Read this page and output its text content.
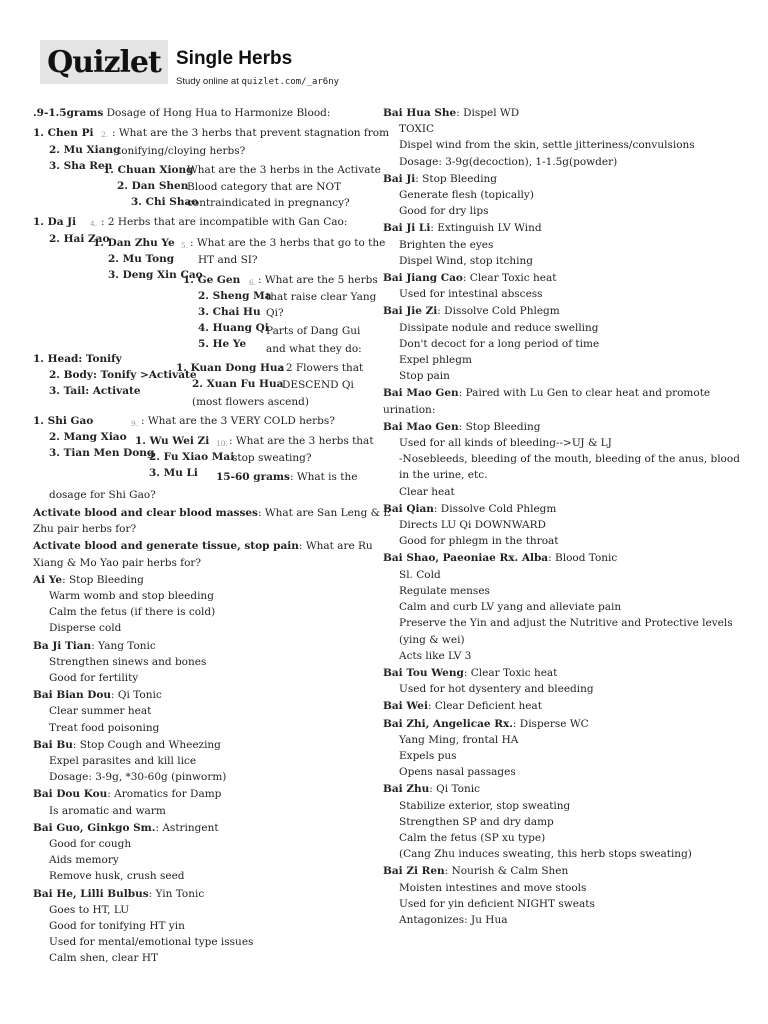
Quizlet Single Herbs
Study online at quizlet.com/_ar6ny
.9-1.5grams Dosage of Hong Hua to Harmonize Blood:
1. Chen Pi 2. : What are the 3 herbs that prevent stagnation from
2. Mu Xiang
tonifying/cloying herbs?
3. Sha Ren
1. Chuan Xiong
What are the 3 herbs in the Activate
2. Dan Shen
Blood category that are NOT
3. Chi Shao
contraindicated in pregnancy?
1. Da Ji 4. : 2 Herbs that are incompatible with Gan Cao:
2. Hai Zao
1. Dan Zhu Ye 5. : What are the 3 herbs that go to the
2. Mu Tong HT and SI?
3. Deng Xin Cao
1. Ge Gen 6. : What are the 5 herbs
2. Sheng Ma
that raise clear Yang
3. Chai Hu Qi?
4. Huang Qi
5. He Ye
Parts of Dang Gui
and what they do:
1. Head: Tonify
2. Body: Tonify >Activate
3. Tail: Activate
1. Kuan Dong Hua
: 2 Flowers that
2. Xuan Fu Hua
DESCEND Qi
(most flowers ascend)
1. Shi Gao	9. : What are the 3 VERY COLD herbs?
2. Mang Xiao
3. Tian Men Dong
1. Wu Wei Zi 10. : What are the 3 herbs that
2. Fu Xiao Mai
stop sweating?
3. Mu Li 15-60 grams: What is the
dosage for Shi Gao?
Activate blood and clear blood masses: What are San Leng & E
Zhu pair herbs for?
Activate blood and generate tissue, stop pain: What are Ru
Xiang & Mo Yao pair herbs for?
Ai Ye: Stop Bleeding
Warm womb and stop bleeding
Calm the fetus (if there is cold)
Disperse cold
Ba Ji Tian: Yang Tonic
Strengthen sinews and bones
Good for fertility
Bai Bian Dou: Qi Tonic
Clear summer heat
Treat food poisoning
Bai Bu: Stop Cough and Wheezing
Expel parasites and kill lice
Dosage: 3-9g, *30-60g (pinworm)
Bai Dou Kou: Aromatics for Damp
Is aromatic and warm
Bai Guo, Ginkgo Sm.: Astringent
Good for cough
Aids memory
Remove husk, crush seed
Bai He, Lilli Bulbus: Yin Tonic
Goes to HT, LU
Good for tonifying HT yin
Used for mental/emotional type issues
Calm shen, clear HT
Bai Hua She: Dispel WD
TOXIC
Dispel wind from the skin, settle jitteriness/convulsions
Dosage: 3-9g(decoction), 1-1.5g(powder)
Bai Ji: Stop Bleeding
Generate flesh (topically)
Good for dry lips
Bai Ji Li: Extinguish LV Wind
Brighten the eyes
Dispel Wind, stop itching
Bai Jiang Cao: Clear Toxic heat
Used for intestinal abscess
Bai Jie Zi: Dissolve Cold Phlegm
Dissipate nodule and reduce swelling
Don't decoct for a long period of time
Expel phlegm
Stop pain
Bai Mao Gen: Paired with Lu Gen to clear heat and promote
urination:
Bai Mao Gen: Stop Bleeding
Used for all kinds of bleeding-->UJ & LJ
-Nosebleeds, bleeding of the mouth, bleeding of the anus, blood
in the urine, etc.
Clear heat
Bai Qian: Dissolve Cold Phlegm
Directs LU Qi DOWNWARD
Good for phlegm in the throat
Bai Shao, Paeoniae Rx. Alba: Blood Tonic
Sl. Cold
Regulate menses
Calm and curb LV yang and alleviate pain
Preserve the Yin and adjust the Nutritive and Protective levels
(ying & wei)
Acts like LV 3
Bai Tou Weng: Clear Toxic heat
Used for hot dysentery and bleeding
Bai Wei: Clear Deficient heat
Bai Zhi, Angelicae Rx.: Disperse WC
Yang Ming, frontal HA
Expels pus
Opens nasal passages
Bai Zhu: Qi Tonic
Stabilize exterior, stop sweating
Strengthen SP and dry damp
Calm the fetus (SP xu type)
(Cang Zhu induces sweating, this herb stops sweating)
Bai Zi Ren: Nourish & Calm Shen
Moisten intestines and move stools
Used for yin deficient NIGHT sweats
Antagonizes: Ju Hua
